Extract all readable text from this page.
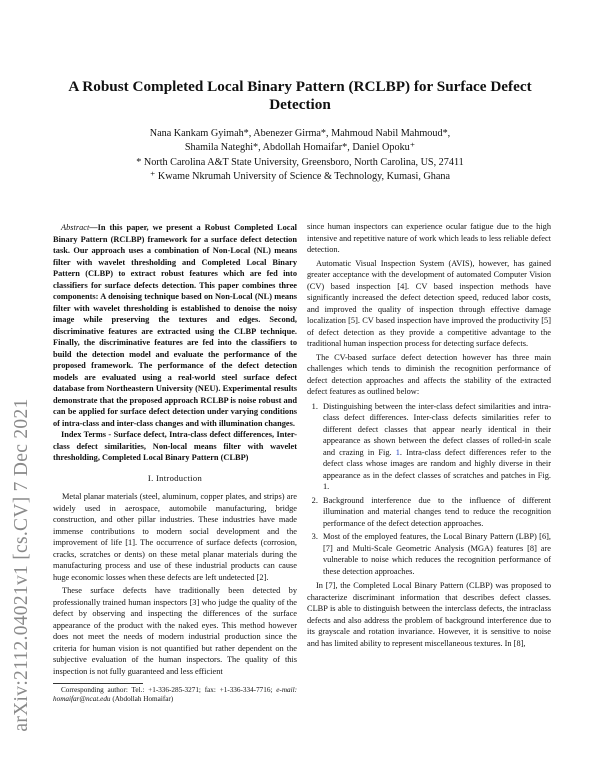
arXiv:2112.04021v1 [cs.CV] 7 Dec 2021
A Robust Completed Local Binary Pattern (RCLBP) for Surface Defect Detection
Nana Kankam Gyimah*, Abenezer Girma*, Mahmoud Nabil Mahmoud*,
Shamila Nateghi*, Abdollah Homaifar*, Daniel Opoku⁺
* North Carolina A&T State University, Greensboro, North Carolina, US, 27411
⁺ Kwame Nkrumah University of Science & Technology, Kumasi, Ghana

Abstract—In this paper, we present a Robust Completed Local Binary Pattern (RCLBP) framework for a surface defect detection task. Our approach uses a combination of Non-Local (NL) means filter with wavelet thresholding and Completed Local Binary Pattern (CLBP) to extract robust features which are fed into classifiers for surface defects detection. This paper combines three components: A denoising technique based on Non-Local (NL) means filter with wavelet thresholding is established to denoise the noisy image while preserving the textures and edges. Second, discriminative features are extracted using the CLBP technique. Finally, the discriminative features are fed into the classifiers to build the detection model and evaluate the performance of the proposed framework. The performance of the defect detection models are evaluated using a real-world steel surface defect database from Northeastern University (NEU). Experimental results demonstrate that the proposed approach RCLBP is noise robust and can be applied for surface defect detection under varying conditions of intra-class and inter-class changes and with illumination changes.

Index Terms - Surface defect, Intra-class defect differences, Inter-class defect similarities, Non-local means filter with wavelet thresholding, Completed Local Binary Pattern (CLBP)

I. Introduction

Metal planar materials (steel, aluminum, copper plates, and strips) are widely used in aerospace, automobile manufacturing, bridge construction, and other pillar industries. These industries have made immense contributions to modern social development and the improvement of life [1]. The occurrence of surface defects (corrosion, cracks, scratches or dents) on these metal planar materials during the manufacturing process and use of these industrial products can cause huge economic losses when these defects are left undetected [2].

These surface defects have traditionally been detected by professionally trained human inspectors [3] who judge the quality of the defect by observing and inspecting the differences of the surface appearance of the product with the naked eyes. This method however does not meet the needs of modern industrial production since the criteria for human vision is not quantified but rather dependent on the subjective evaluation of the human inspectors. The quality of this inspection is not fully guaranteed and less efficient

Corresponding author: Tel.: +1-336-285-3271; fax: +1-336-334-7716; e-mail: homaifar@ncat.edu (Abdollah Homaifar)

since human inspectors can experience ocular fatigue due to the high intensive and repetitive nature of work which leads to less reliable defect detection.

Automatic Visual Inspection System (AVIS), however, has gained greater acceptance with the development of automated Computer Vision (CV) based inspection [4]. CV based inspection methods have significantly increased the defect detection speed, reduced labor costs, and improved the quality of inspection through effective damage localization [5]. CV based inspection have improved the productivity [5] of defect detection as they provide a competitive advantage to the traditional human inspection process for detecting surface defects.

The CV-based surface defect detection however has three main challenges which tends to diminish the recognition performance of defect detection approaches and affects the stability of the extracted defect features as outlined below:

1. Distinguishing between the inter-class defect similarities and intra-class defect differences. Inter-class defects similarities refer to different defect classes that appear nearly identical in their appearance as shown between the defect classes of rolled-in scale and crazing in Fig. 1. Intra-class defect differences refer to the defect class whose images are random and highly diverse in their appearance as in the defect classes of scratches and patches in Fig. 1.
2. Background interference due to the influence of different illumination and material changes tend to reduce the recognition performance of the defect detection approaches.
3. Most of the employed features, the Local Binary Pattern (LBP) [6], [7] and Multi-Scale Geometric Analysis (MGA) features [8] are vulnerable to noise which reduces the recognition performance of these detection approaches.

In [7], the Completed Local Binary Pattern (CLBP) was proposed to characterize discriminant information that describes defect classes. CLBP is able to distinguish between the interclass defects, the intraclass defects and also address the problem of background interference due to its grayscale and rotation invariance. However, it is sensitive to noise and has limited ability to represent miscellaneous textures. In [8],
